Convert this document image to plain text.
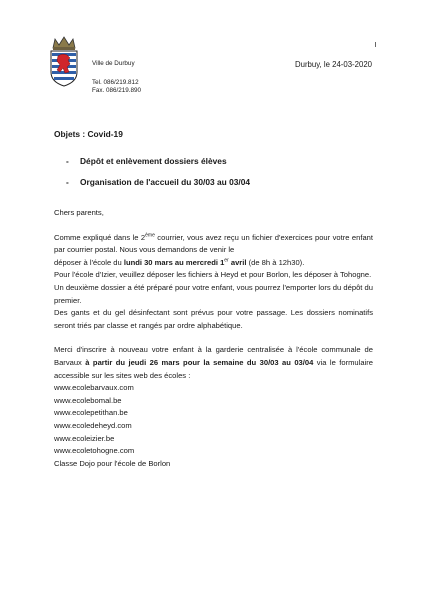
Ville de Durbuy
Tel. 086/219.812
Fax. 086/219.890
Durbuy, le 24-03-2020
Objets : Covid-19
- Dépôt et enlèvement dossiers élèves
- Organisation de l'accueil du 30/03 au 03/04

Chers parents,

Comme expliqué dans le 2ème courrier, vous avez reçu un fichier d'exercices pour votre enfant par courrier postal. Nous vous demandons de venir le

déposer à l'école du lundi 30 mars au mercredi 1er avril (de 8h à 12h30).

Pour l'école d'Izier, veuillez déposer les fichiers à Heyd et pour Borlon, les déposer à Tohogne.

Un deuxième dossier a été préparé pour votre enfant, vous pourrez l'emporter lors du dépôt du premier.

Des gants et du gel désinfectant sont prévus pour votre passage. Les dossiers nominatifs seront triés par classe et rangés par ordre alphabétique.

Merci d'inscrire à nouveau votre enfant à la garderie centralisée à l'école communale de Barvaux à partir du jeudi 26 mars pour la semaine du 30/03 au 03/04 via le formulaire accessible sur les sites web des écoles :

www.ecolebarvaux.com
www.ecolebomal.be
www.ecolepetithan.be
www.ecoledeheyd.com
www.ecoleizier.be
www.ecoletohogne.com
Classe Dojo pour l'école de Borlon
